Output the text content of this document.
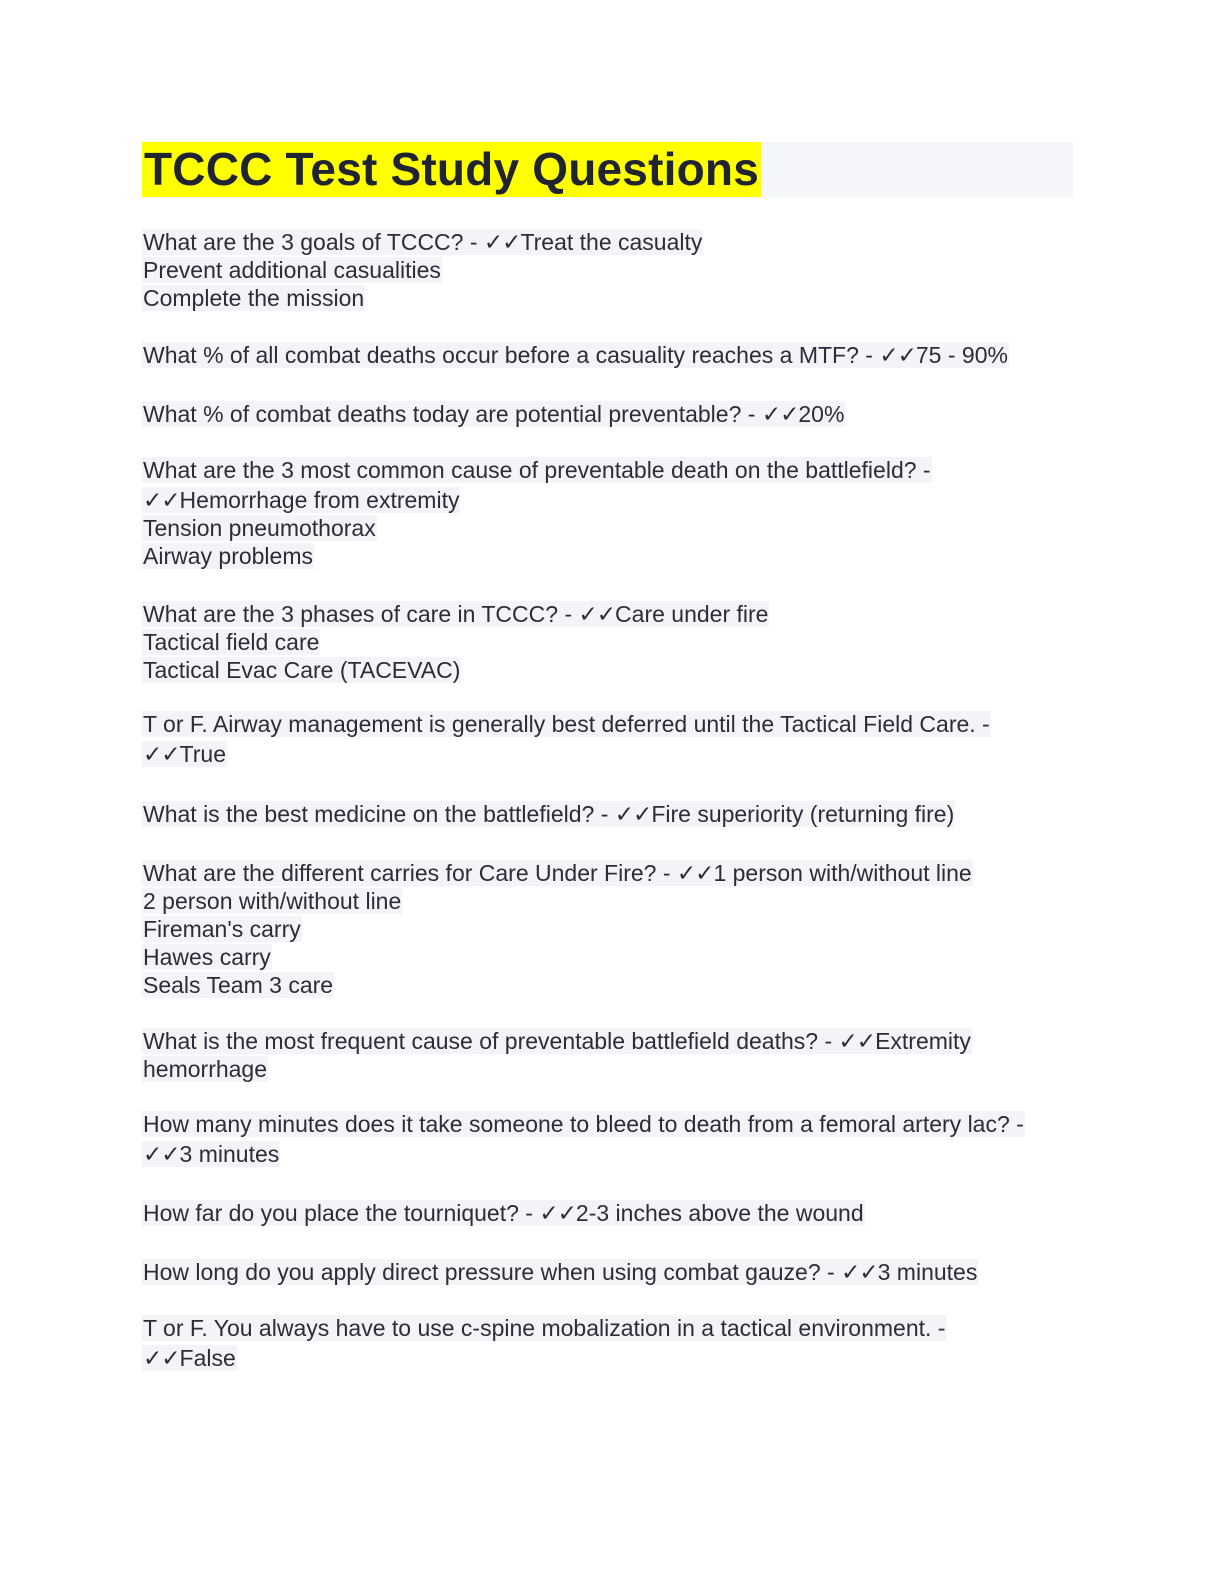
TCCC Test Study Questions
What are the 3 goals of TCCC? - ✓✓Treat the casualty
Prevent additional casualities
Complete the mission
What % of all combat deaths occur before a casuality reaches a MTF? - ✓✓75 - 90%
What % of combat deaths today are potential preventable? - ✓✓20%
What are the 3 most common cause of preventable death on the battlefield? -
✓✓Hemorrhage from extremity
Tension pneumothorax
Airway problems
What are the 3 phases of care in TCCC? - ✓✓Care under fire
Tactical field care
Tactical Evac Care (TACEVAC)
T or F. Airway management is generally best deferred until the Tactical Field Care. -
✓✓True
What is the best medicine on the battlefield? - ✓✓Fire superiority (returning fire)
What are the different carries for Care Under Fire? - ✓✓1 person with/without line
2 person with/without line
Fireman's carry
Hawes carry
Seals Team 3 care
What is the most frequent cause of preventable battlefield deaths? - ✓✓Extremity
hemorrhage
How many minutes does it take someone to bleed to death from a femoral artery lac? -
✓✓3 minutes
How far do you place the tourniquet? - ✓✓2-3 inches above the wound
How long do you apply direct pressure when using combat gauze? - ✓✓3 minutes
T or F. You always have to use c-spine mobalization in a tactical environment. -
✓✓False
